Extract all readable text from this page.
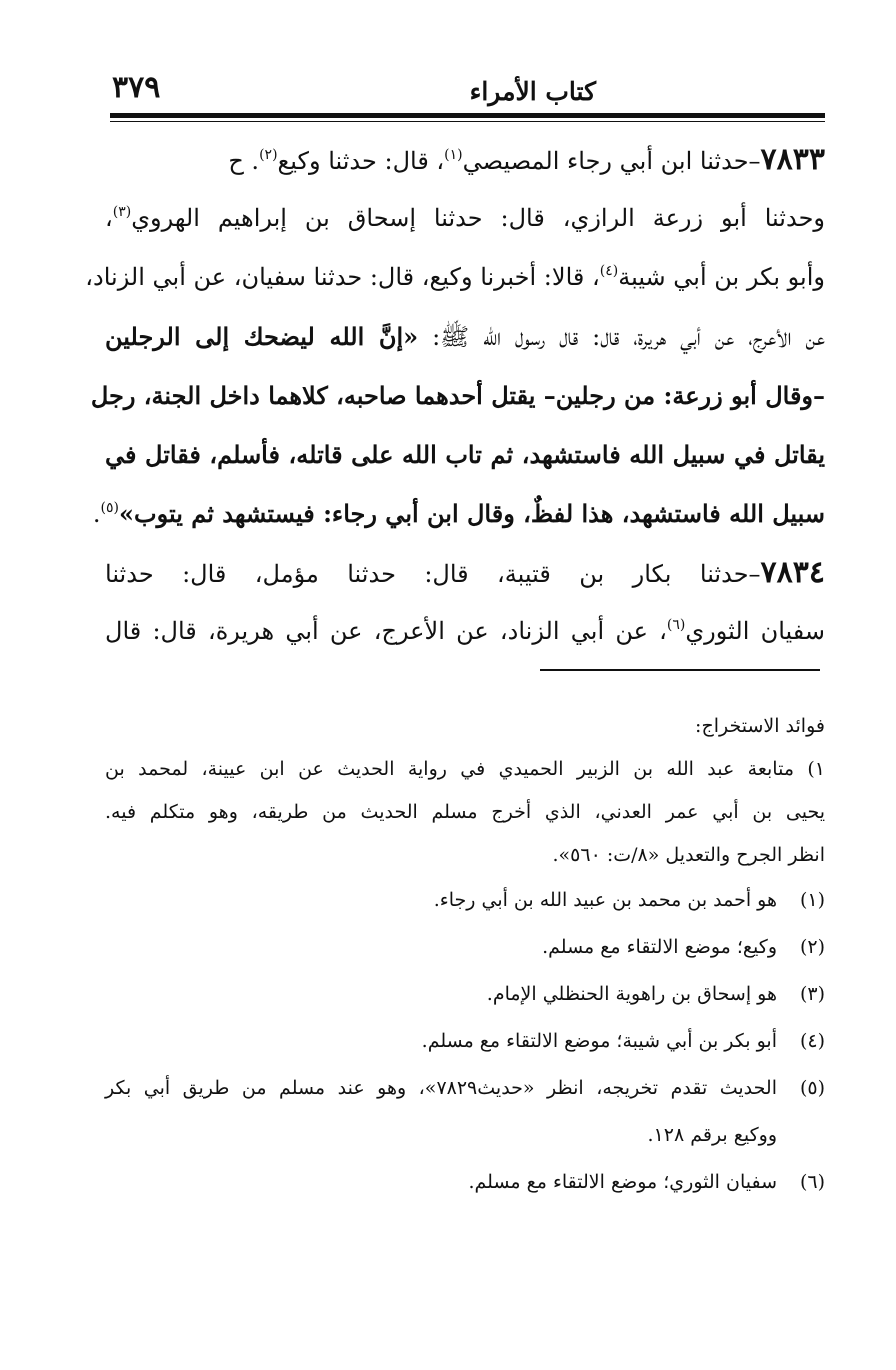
٣٧٩	كتاب الأمراء
٧٨٣٣–حدثنا ابن أبي رجاء المصيصي$^{(١)}$، قال: حدثنا وكيع$^{(٢)}$. ح
وحدثنا أبو زرعة الرازي، قال: حدثنا إسحاق بن إبراهيم الهروي$^{(٣)}$،
وأبو بكر بن أبي شيبة$^{(٤)}$، قالا: أخبرنا وكيع، قال: حدثنا سفيان، عن أبي الزناد،
عن الأعرج، عن أبي هريرة، قال: قال رسول الله ﷺ: «إنَّ الله ليضحك إلى الرجلين
–وقال أبو زرعة: من رجلين– يقتل أحدهما صاحبه، كلاهما داخل الجنة، رجل
يقاتل في سبيل الله فاستشهد، ثم تاب الله على قاتله، فأسلم، فقاتل في
سبيل الله فاستشهد، هذا لفظٌ، وقال ابن أبي رجاء: فيستشهد ثم يتوب»$^{(٥)}$.
٧٨٣٤–حدثنا بكار بن قتيبة، قال: حدثنا مؤمل، قال: حدثنا
سفيان الثوري$^{(٦)}$، عن أبي الزناد، عن الأعرج، عن أبي هريرة، قال: قال
فوائد الاستخراج:
١) متابعة عبد الله بن الزبير الحميدي في رواية الحديث عن ابن عيينة، لمحمد بن
يحيى بن أبي عمر العدني، الذي أخرج مسلم الحديث من طريقه، وهو متكلم فيه.
انظر الجرح والتعديل «٨/ت: ٥٦٠».
(١)
هو أحمد بن محمد بن عبيد الله بن أبي رجاء.
(٢)
وكيع؛ موضع الالتقاء مع مسلم.
(٣)
هو إسحاق بن راهوية الحنظلي الإمام.
(٤)
أبو بكر بن أبي شيبة؛ موضع الالتقاء مع مسلم.
(٥)
الحديث تقدم تخريجه، انظر «حديث٧٨٢٩»، وهو عند مسلم من طريق أبي بكر
ووكيع برقم ١٢٨.
(٦)
سفيان الثوري؛ موضع الالتقاء مع مسلم.
